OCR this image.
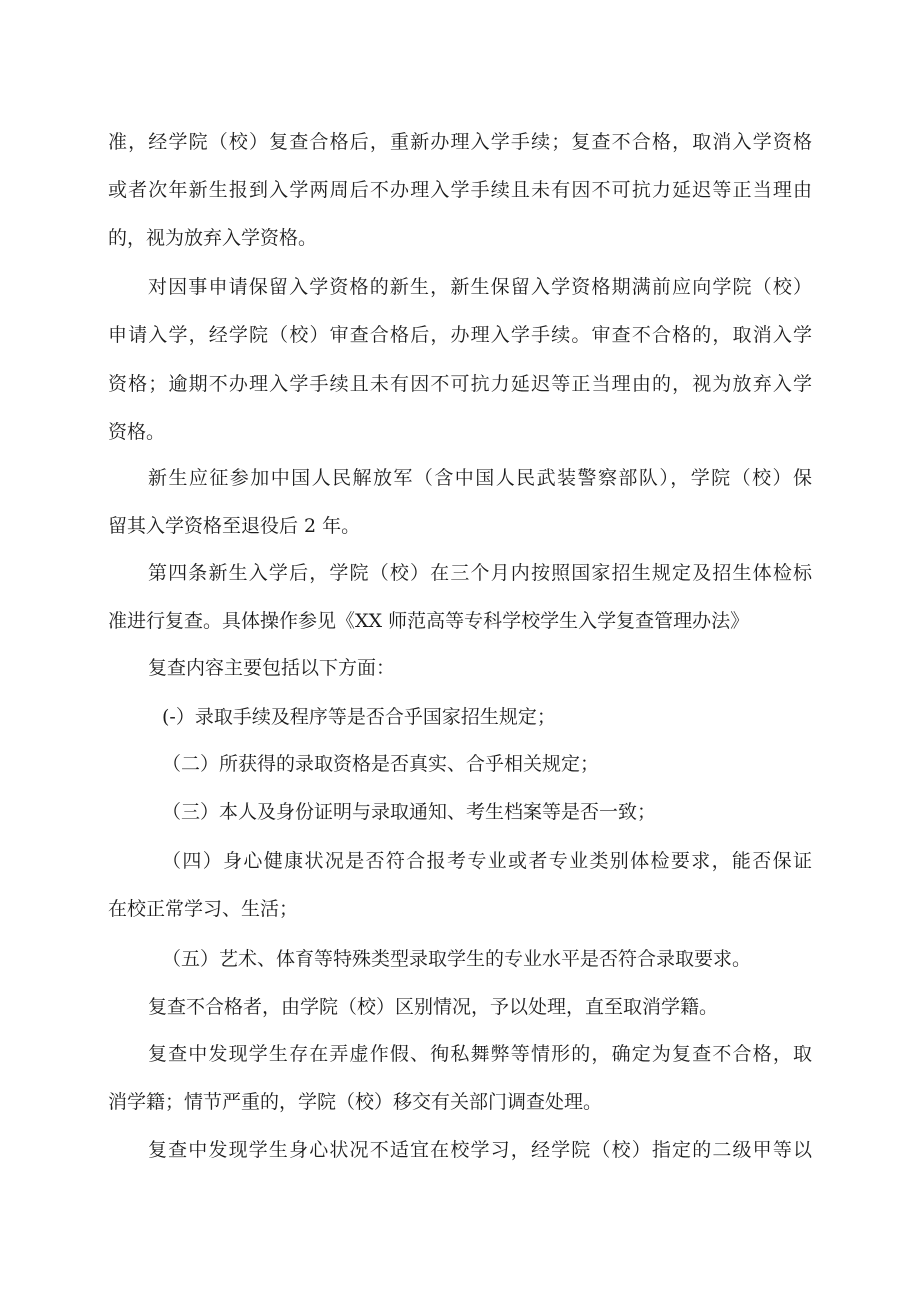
准，经学院（校）复查合格后，重新办理入学手续；复查不合格，取消入学资格

或者次年新生报到入学两周后不办理入学手续且未有因不可抗力延迟等正当理由

的，视为放弃入学资格。

对因事申请保留入学资格的新生，新生保留入学资格期满前应向学院（校）

申请入学，经学院（校）审查合格后，办理入学手续。审查不合格的，取消入学

资格；逾期不办理入学手续且未有因不可抗力延迟等正当理由的，视为放弃入学

资格。

新生应征参加中国人民解放军（含中国人民武装警察部队），学院（校）保

留其入学资格至退役后 2 年。

第四条新生入学后，学院（校）在三个月内按照国家招生规定及招生体检标

准进行复查。具体操作参见《XX 师范高等专科学校学生入学复查管理办法》

复查内容主要包括以下方面：

(-）录取手续及程序等是否合乎国家招生规定；

（二）所获得的录取资格是否真实、合乎相关规定；

（三）本人及身份证明与录取通知、考生档案等是否一致；

（四）身心健康状况是否符合报考专业或者专业类别体检要求，能否保证

在校正常学习、生活；

（五）艺术、体育等特殊类型录取学生的专业水平是否符合录取要求。

复查不合格者，由学院（校）区别情况，予以处理，直至取消学籍。

复查中发现学生存在弄虚作假、徇私舞弊等情形的，确定为复查不合格，取

消学籍；情节严重的，学院（校）移交有关部门调查处理。

复查中发现学生身心状况不适宜在校学习，经学院（校）指定的二级甲等以
